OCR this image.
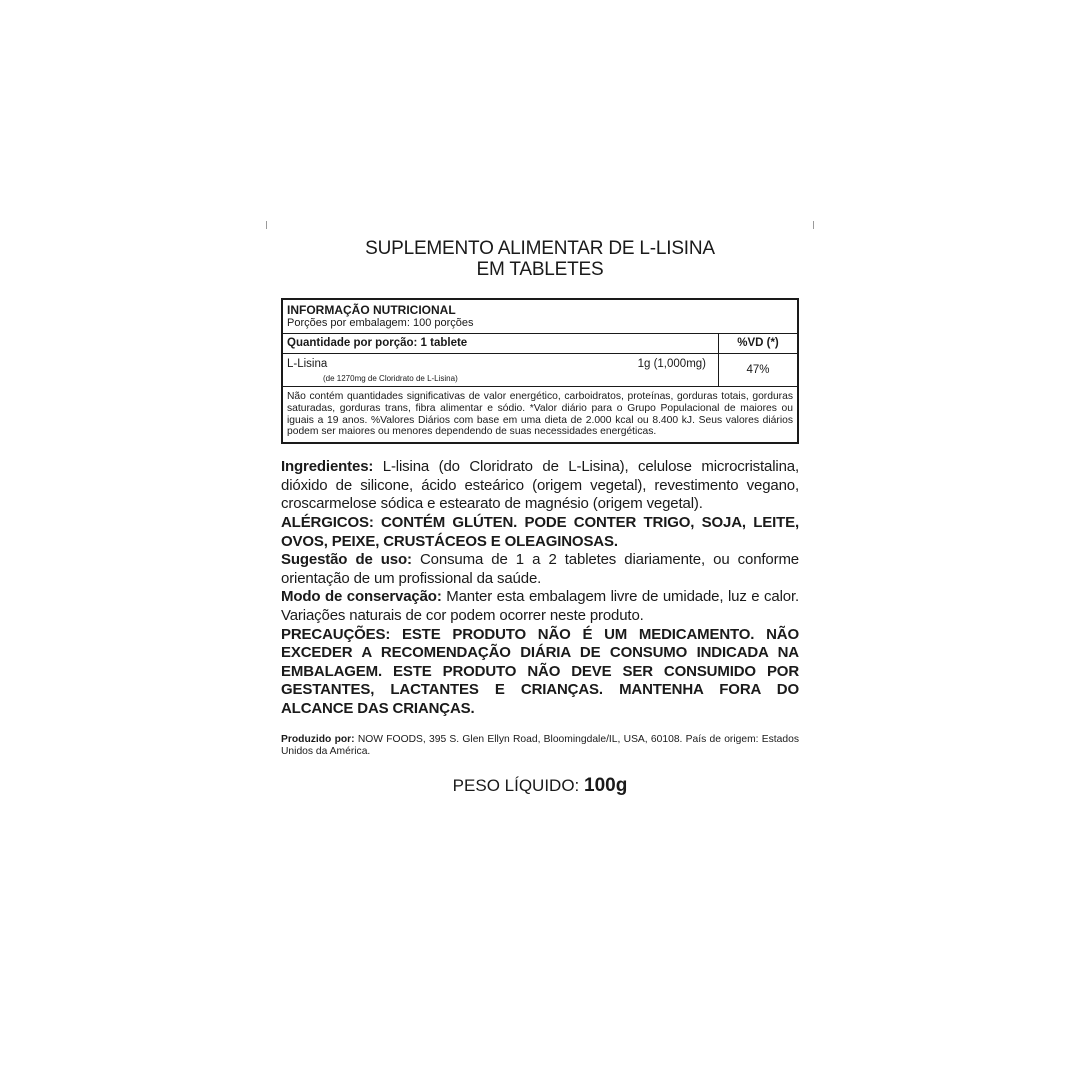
SUPLEMENTO ALIMENTAR DE L-LISINA
EM TABLETES
INFORMAÇÃO NUTRICIONAL
Porções por embalagem: 100 porções
Quantidade por porção: 1 tablete	%VD (*)
L-Lisina	1g (1,000mg)
(de 1270mg de Cloridrato de L-Lisina)
47%
Não contém quantidades significativas de valor energético, carboidratos, proteínas, gorduras totais, gorduras saturadas, gorduras trans, fibra alimentar e sódio. *Valor diário para o Grupo Populacional de maiores ou iguais a 19 anos. %Valores Diários com base em uma dieta de 2.000 kcal ou 8.400 kJ. Seus valores diários podem ser maiores ou menores dependendo de suas necessidades energéticas.

Ingredientes: L-lisina (do Cloridrato de L-Lisina), celulose microcristalina, dióxido de silicone, ácido esteárico (origem vegetal), revestimento vegano, croscarmelose sódica e estearato de magnésio (origem vegetal).

ALÉRGICOS: CONTÉM GLÚTEN. PODE CONTER TRIGO, SOJA, LEITE, OVOS, PEIXE, CRUSTÁCEOS E OLEAGINOSAS.

Sugestão de uso: Consuma de 1 a 2 tabletes diariamente, ou conforme orientação de um profissional da saúde.

Modo de conservação: Manter esta embalagem livre de umidade, luz e calor. Variações naturais de cor podem ocorrer neste produto.

PRECAUÇÕES: ESTE PRODUTO NÃO É UM MEDICAMENTO. NÃO EXCEDER A RECOMENDAÇÃO DIÁRIA DE CONSUMO INDICADA NA EMBALAGEM. ESTE PRODUTO NÃO DEVE SER CONSUMIDO POR GESTANTES, LACTANTES E CRIANÇAS. MANTENHA FORA DO ALCANCE DAS CRIANÇAS.

Produzido por: NOW FOODS, 395 S. Glen Ellyn Road, Bloomingdale/IL, USA, 60108. País de origem: Estados Unidos da América.
PESO LÍQUIDO: 100g
